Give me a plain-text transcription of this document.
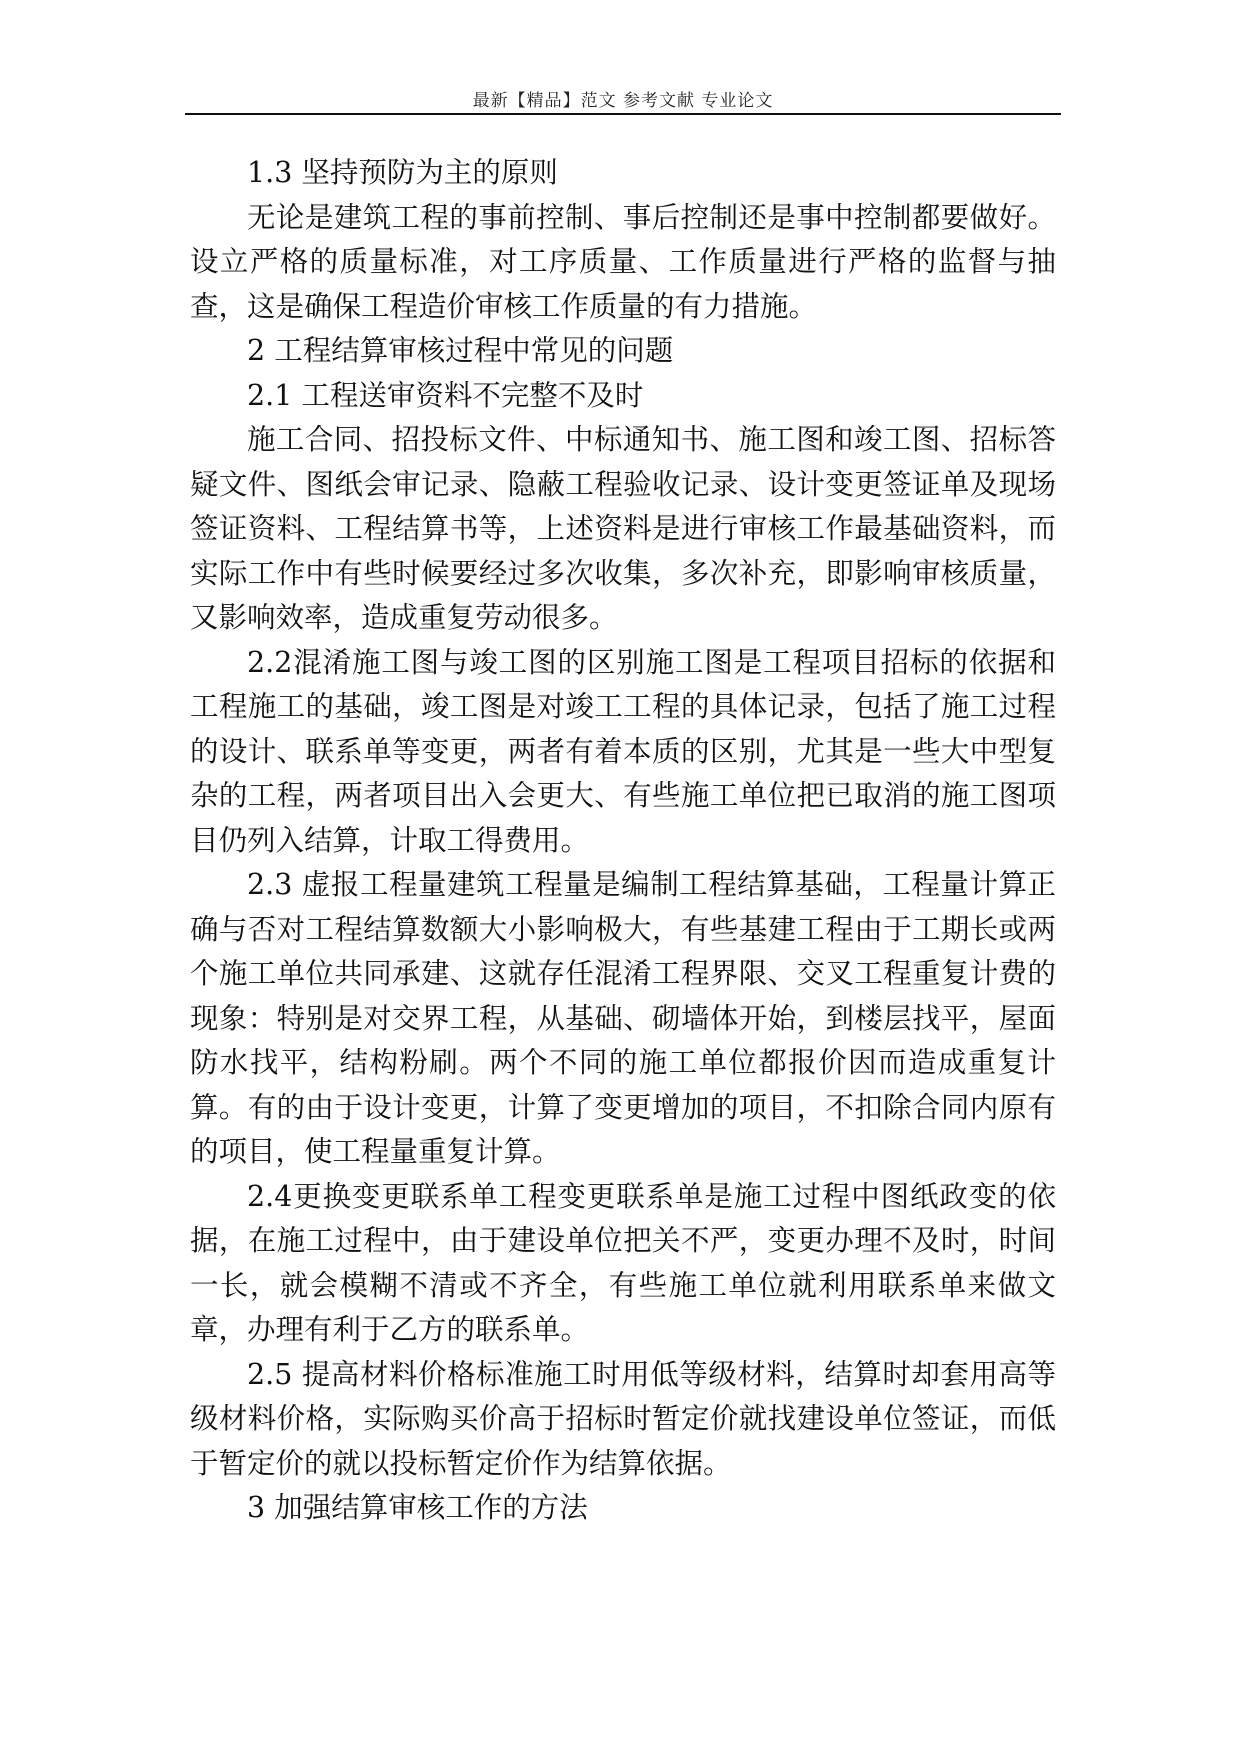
最新【精品】范文 参考文献 专业论文

1.3 坚持预防为主的原则

无论是建筑工程的事前控制、事后控制还是事中控制都要做好。设立严格的质量标准，对工序质量、工作质量进行严格的监督与抽查，这是确保工程造价审核工作质量的有力措施。

2 工程结算审核过程中常见的问题

2.1 工程送审资料不完整不及时

施工合同、招投标文件、中标通知书、施工图和竣工图、招标答疑文件、图纸会审记录、隐蔽工程验收记录、设计变更签证单及现场签证资料、工程结算书等，上述资料是进行审核工作最基础资料，而实际工作中有些时候要经过多次收集，多次补充，即影响审核质量，又影响效率，造成重复劳动很多。

2.2混淆施工图与竣工图的区别施工图是工程项目招标的依据和工程施工的基础，竣工图是对竣工工程的具体记录，包括了施工过程的设计、联系单等变更，两者有着本质的区别，尤其是一些大中型复杂的工程，两者项目出入会更大、有些施工单位把已取消的施工图项目仍列入结算，计取工得费用。

2.3 虚报工程量建筑工程量是编制工程结算基础，工程量计算正确与否对工程结算数额大小影响极大，有些基建工程由于工期长或两个施工单位共同承建、这就存任混淆工程界限、交叉工程重复计费的现象：特别是对交界工程，从基础、砌墙体开始，到楼层找平，屋面防水找平，结构粉刷。两个不同的施工单位都报价因而造成重复计算。有的由于设计变更，计算了变更增加的项目，不扣除合同内原有的项目，使工程量重复计算。

2.4更换变更联系单工程变更联系单是施工过程中图纸政变的依据，在施工过程中，由于建设单位把关不严，变更办理不及时，时间一长，就会模糊不清或不齐全，有些施工单位就利用联系单来做文章，办理有利于乙方的联系单。

2.5 提高材料价格标准施工时用低等级材料，结算时却套用高等级材料价格，实际购买价高于招标时暂定价就找建设单位签证，而低于暂定价的就以投标暂定价作为结算依据。

3 加强结算审核工作的方法
